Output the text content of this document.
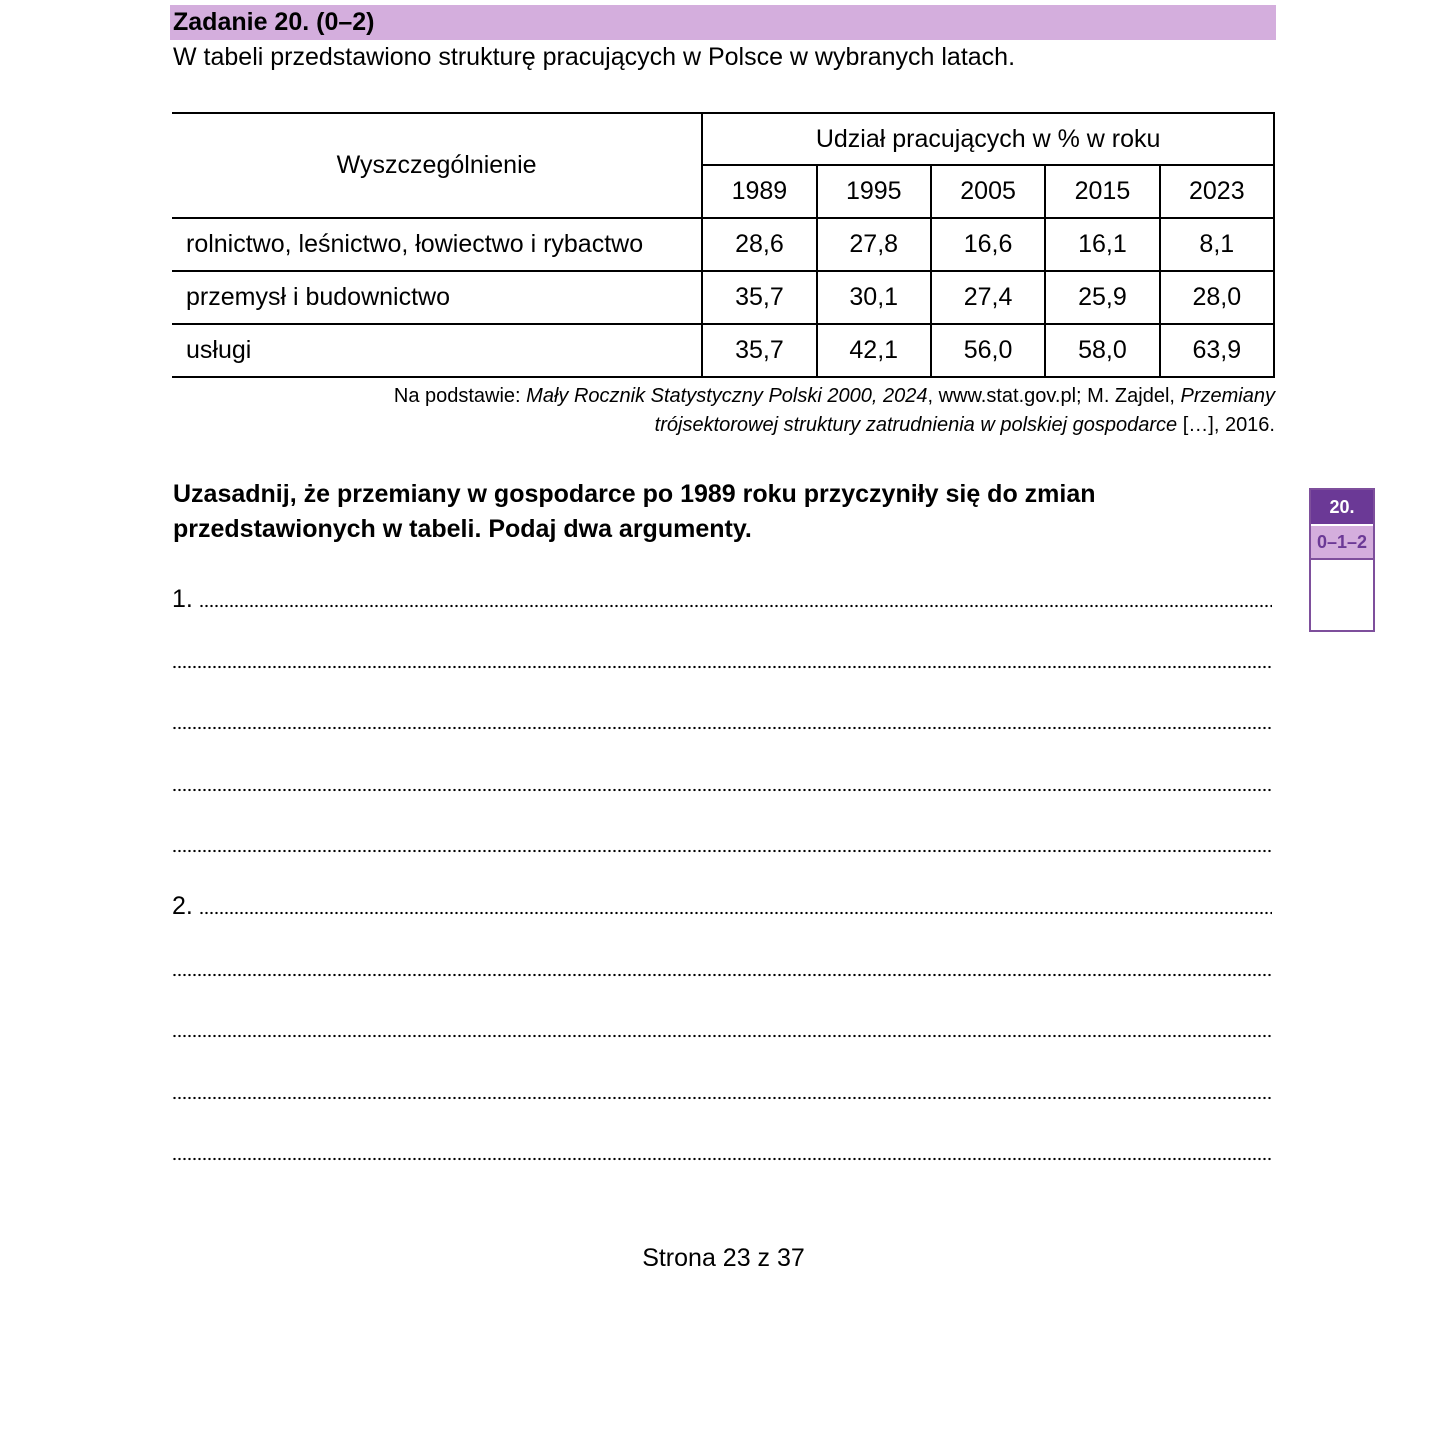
Zadanie 20. (0–2)
W tabeli przedstawiono strukturę pracujących w Polsce w wybranych latach.
Wyszczególnienie	Udział pracujących w % w roku				
	1989	1995	2005	2015	2023
rolnictwo, leśnictwo, łowiectwo i rybactwo	28,6	27,8	16,6	16,1	8,1
przemysł i budownictwo	35,7	30,1	27,4	25,9	28,0
usługi	35,7	42,1	56,0	58,0	63,9
Na podstawie: Mały Rocznik Statystyczny Polski 2000, 2024, www.stat.gov.pl; M. Zajdel, Przemiany
trójsektorowej struktury zatrudnienia w polskiej gospodarce […], 2016.
Uzasadnij, że przemiany w gospodarce po 1989 roku przyczyniły się do zmian
przedstawionych w tabeli. Podaj dwa argumenty.
1.
2.
20.
0–1–2
Strona 23 z 37
